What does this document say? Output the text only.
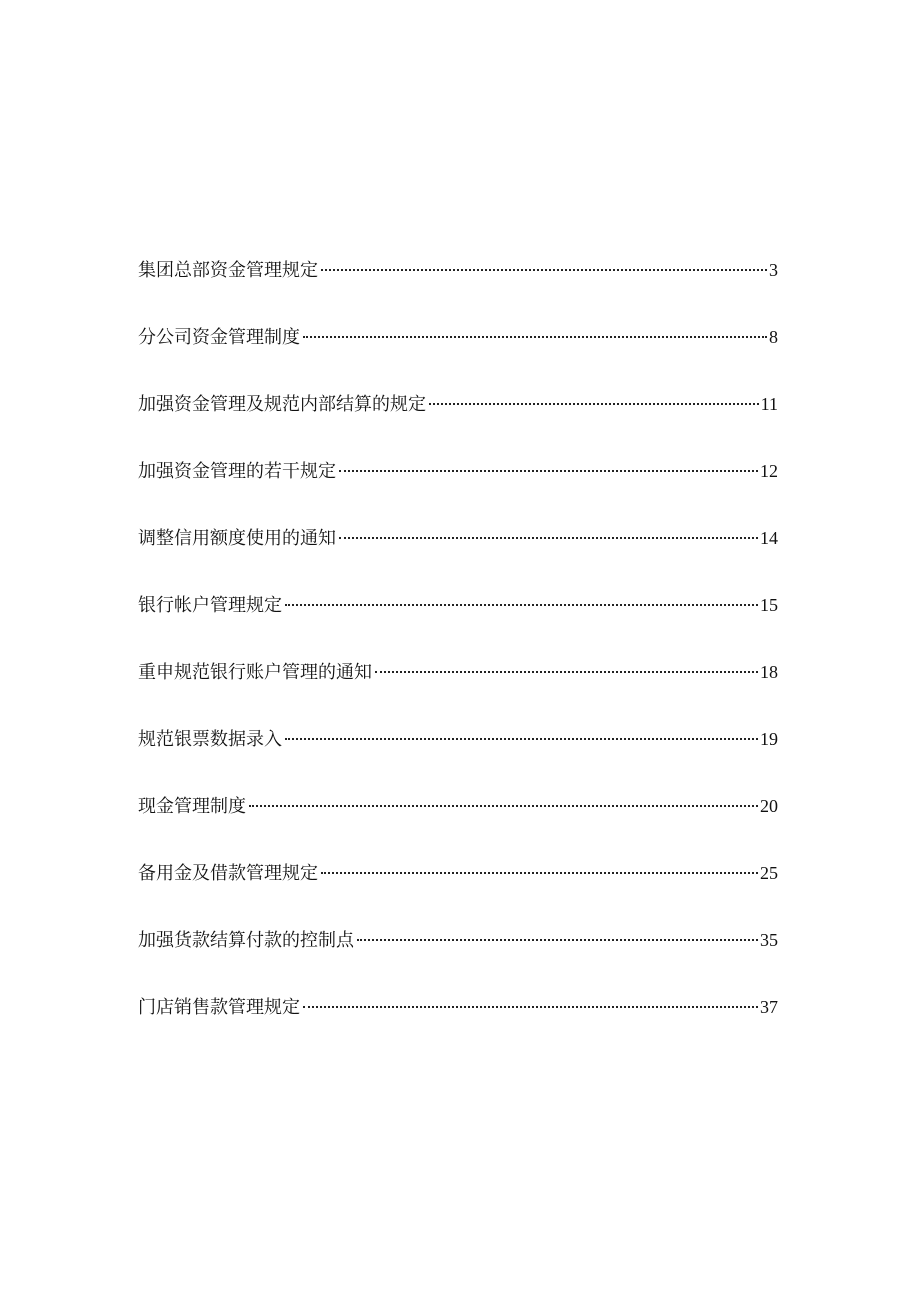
集团总部资金管理规定	3
分公司资金管理制度	8
加强资金管理及规范内部结算的规定	11
加强资金管理的若干规定	12
调整信用额度使用的通知	14
银行帐户管理规定	15
重申规范银行账户管理的通知	18
规范银票数据录入	19
现金管理制度	20
备用金及借款管理规定	25
加强货款结算付款的控制点	35
门店销售款管理规定	37
